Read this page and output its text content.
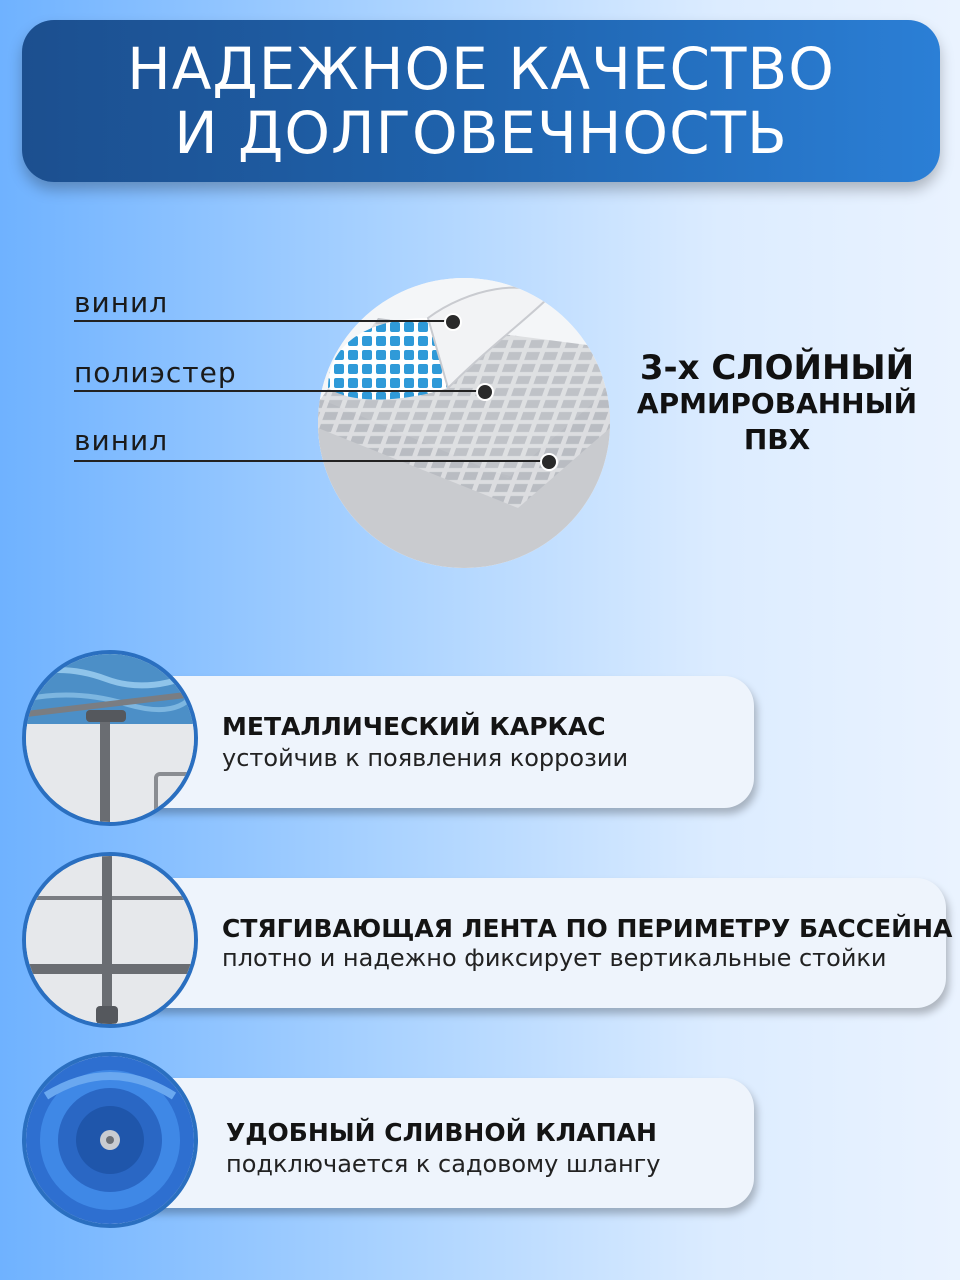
НАДЕЖНОЕ КАЧЕСТВО
И ДОЛГОВЕЧНОСТЬ
винил
полиэстер
винил
3-х СЛОЙНЫЙ
АРМИРОВАННЫЙ
ПВХ
МЕТАЛЛИЧЕСКИЙ КАРКАС
устойчив к появления коррозии
СТЯГИВАЮЩАЯ ЛЕНТА ПО ПЕРИМЕТРУ БАССЕЙНА
плотно и надежно фиксирует вертикальные стойки
УДОБНЫЙ СЛИВНОЙ КЛАПАН
подключается к садовому шлангу
